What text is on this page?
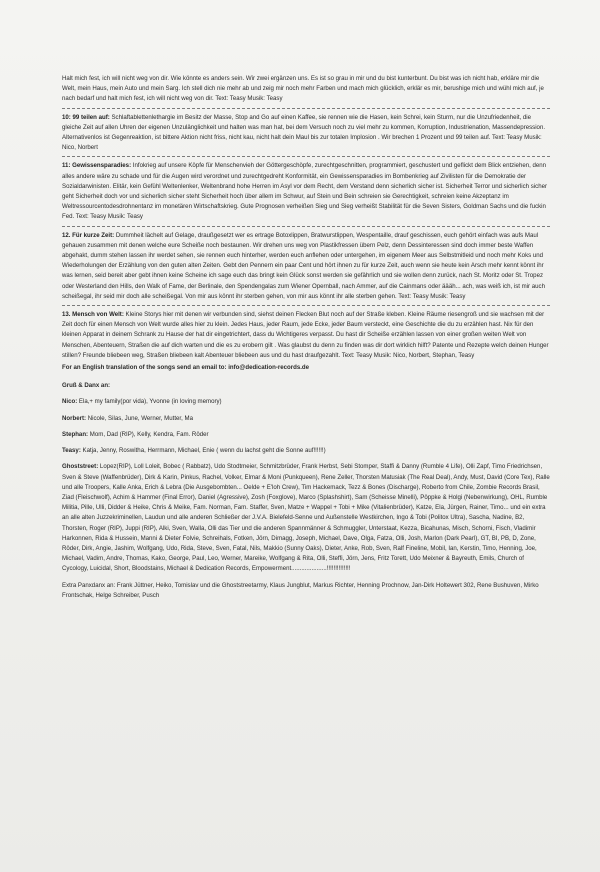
Halt mich fest, ich will nicht weg von dir. Wie könnte es anders sein. Wir zwei ergänzen uns. Es ist so grau in mir und du bist kunterbunt. Du bist was ich nicht hab, erkläre mir die Welt, mein Haus, mein Auto und mein Sarg. Ich stell dich nie mehr ab und zeig mir noch mehr Farben und mach mich glücklich, erklär es mir, berushige mich und wühl mich auf, je nach bedarf und halt mich fest, ich will nicht weg von dir. Text: Teasy Musik: Teasy

10: 99 teilen auf: Schlaftablettenlethargie im Besitz der Masse, Stop and Go auf einen Kaffee, sie rennen wie die Hasen, kein Schrei, kein Sturm, nur die Unzufriedenheit, die gleiche Zeit auf allen Uhren der eigenen Unzulänglichkeit und halten was man hat, bei dem Versuch noch zu viel mehr zu kommen, Korruption, Industrienation, Massendepression. Alternativenlos ist Gegenreaktion, ist bittere Aktion nicht friss, nicht kau, nicht halt dein Maul bis zur totalen Implosion . Wir brechen 1 Prozent und 99 teilen auf. Text: Teasy Musik: Nico, Norbert

11: Gewissensparadies: Infokrieg auf unsere Köpfe für Menschenvieh der Göttergeschöpfe, zurechtgeschnitten, programmiert, geschustert und geflickt dem Blick entziehen, denn alles andere wäre zu schade und für die Augen wird verordnet und zurechtgedreht Konformität, ein Gewissensparadies im Bombenkrieg auf Zivilisten für die Demokratie der Sozialdarwinisten. Elitär, kein Gefühl Weltenlenker, Weltenbrand hohe Herren im Asyl vor dem Recht, dem Verstand denn sicherlich sicher ist. Sicherheit Terror und sicherlich sicher geht Sicherheit doch vor und sicherlich sicher steht Sicherheit hoch über allem im Schwur, auf Stein und Bein schreien sie Gerechtigkeit, schreien keine Akzeptanz im Weltressourcentodesdrohnentanz im monetären Wirtschaftskrieg. Gute Prognosen verheißen Sieg und Sieg verheißt Stabilität für die Seven Sisters, Goldman Sachs und die fuckin Fed. Text: Teasy Musik: Teasy

12. Für kurze Zeit: Dummheit lächelt auf Gelage, draußgesetzt wer es ertrage Botoxlippen, Bratwurstlippen, Wespentaille, drauf geschissen, euch gehört einfach was aufs Maul gehauen zusammen mit denen welche eure Scheiße noch bestaunen. Wir drehen uns weg von Plastikfressen übern Pelz, denn Dessinteressen sind doch immer beste Waffen abgehakt, dumm stehen lassen ihr werdet sehen, sie rennen euch hinterher, werden euch anflehen oder untergehen, im eigenem Meer aus Selbstmitleid und noch mehr Koks und Wiederholungen der Erzählung von den guten alten Zeiten. Gebt den Pennern ein paar Cent und hört ihnen zu für kurze Zeit, auch wenn sie heute kein Arsch mehr kennt könnt ihr was lernen, seid bereit aber gebt ihnen keine Scheine ich sage euch das bringt kein Glück sonst werden sie gefährlich und sie wollen denn zurück, nach St. Moritz oder St. Tropez oder Westerland den Hills, den Walk of Fame, der Berlinale, den Spendengalas zum Wiener Opernball, nach Ammer, auf die Cainmans oder äääh... ach, was weiß ich, ist mir auch scheißegal, ihr seid mir doch alle scheißegal. Von mir aus könnt ihr sterben gehen, von mir aus könnt ihr alle sterben gehen. Text: Teasy Musik: Teasy

13. Mensch von Welt: Kleine Storys hier mit denen wir verbunden sind, siehst deinen Flecken Blut noch auf der Straße kleben. Kleine Räume riesengroß und sie wachsen mit der Zeit doch für einen Mensch von Welt wurde alles hier zu klein. Jedes Haus, jeder Raum, jede Ecke, jeder Baum versteckt, eine Geschichte die du zu erzählen hast. Nix für den kleinen Apparat in deinem Schrank zu Hause der hat dir eingetrichtert, dass du Wichtigeres verpasst. Du hast dir Scheiße erzählen lassen von einer großen weiten Welt von Menschen, Abenteuern, Straßen die auf dich warten und die es zu erobern gilt . Was glaubst du denn zu finden was dir dort wirklich hilft? Patente und Rezepte welch deinen Hunger stillen? Freunde bliebeen weg, Straßen bliebeen kalt Abenteuer bliebeen aus und du hast draufgezahlt. Text: Teasy Musik: Nico, Norbert, Stephan, Teasy

For an English translation of the songs send an email to: info@dedication-records.de

Gruß & Danx an:

Nico: Ela,+ my family(por vida), Yvonne (in loving memory)

Norbert: Nicole, Silas, June, Werner, Mutter, Ma

Stephan: Mom, Dad (RIP), Kelly, Kendra, Fam. Röder

Teasy: Katja, Jenny, Roswitha, Herrmann, Michael, Enie ( wenn du lachst geht die Sonne auf!!!!!!)

Ghoststreet: Lopez(RIP), Loll Loleit, Bobec ( Rabbatz), Udo Stodtmeier, Schmitzbrüder, Frank Herbst, Sebi Stomper, Staffi & Danny (Rumble 4 Life), Olli Zapf, Timo Friedrichsen, Sven & Steve (Waffenbrüder), Dirk & Karin, Pinkus, Rachel, Volker, Elmar & Moni (Punkqueen), Rene Zeller, Thorsten Matusiak (The Real Deal), Andy, Must, David (Core Tex), Ralle und alle Troopers, Kalle Anka, Erich & Lebra (Die Ausgebombten... Oelde + E'loh Crew), Tim Hackemack, Tezz & Bones (Discharge), Roberto from Chile, Zombie Records Brasil, Ziad (Fleischwolf), Achim & Hammer (Final Error), Daniel (Agressive), Zosh (Foxglove), Marco (Splashshirt), Sam (Scheisse Minelli), Pöppke & Holgi (Nebenwirkung), OHL, Rumble Militia, Pille, Ulli, Didder & Heike, Chris & Meike, Fam. Norman, Fam. Staffer, Sven, Matze + Wappel + Tobi + Mike (Vitalienbrüder), Katze, Ela, Jürgen, Rainer, Timo... und ein extra an alle alten Juzzekriminellen, Laudun und alle anderen Schließer der J.V.A. Bielefeld-Senne und Außenstelle Westkirchen, Ingo & Tobi (Politox Ultra), Sascha, Nadine, B2, Thorsten, Roger (RIP), Juppi (RIP), Alki, Sven, Walla, Olli das Tier und die anderen Spannmänner & Schmuggler, Unterstaat, Kezza, Bicahunas, Misch, Schorni, Fisch, Vladimir Harkonnen, Rida & Hussein, Manni & Dieter Folvie, Schreihals, Fotken, Jörn, Dimagg, Joseph, Michael, Dave, Olga, Fatza, Olli, Josh, Marlon (Dark Pearl), GT, BI, PB, D, Zone, Röder, Dirk, Angie, Jashim, Wolfgang, Udo, Rida, Steve, Sven, Fatal, Nils, Makkio (Sunny Oaks), Dieter, Anke, Rob, Sven, Ralf Fineline, Mobil, Ian, Kerstin, Timo, Henning, Joe, Michael, Vadim, Andre, Thomas, Kako, George, Paul, Leo, Werner, Mareike, Wolfgang & Rita, Olli, Steffi, Jörn, Jens, Fritz Torett, Udo Meixner & Bayreuth, Emils, Church of Cycology, Luicidal, Short, Bloodstains, Michael & Dedication Records, Empowerment.....................!!!!!!!!!!!!!!

Extra Panxdanx an: Frank Jüttner, Heiko, Tomislav und die Ghoststreetarmy, Klaus Jungblut, Markus Richter, Henning Prochnow, Jan-Dirk Holtewert 302, Rene Bushuven, Mirko Frontschak, Helge Schreiber, Pusch
